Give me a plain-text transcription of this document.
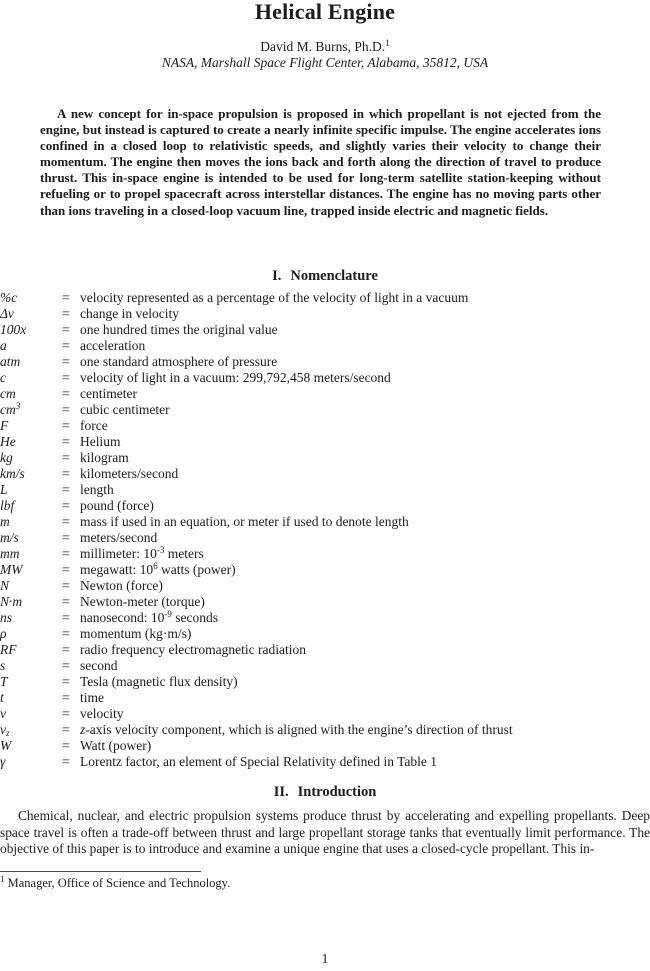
Helical Engine
David M. Burns, Ph.D.$^1$
NASA, Marshall Space Flight Center, Alabama, 35812, USA

A new concept for in-space propulsion is proposed in which propellant is not ejected from the engine, but instead is captured to create a nearly infinite specific impulse. The engine accelerates ions confined in a closed loop to relativistic speeds, and slightly varies their velocity to change their momentum. The engine then moves the ions back and forth along the direction of travel to produce thrust. This in-space engine is intended to be used for long-term satellite station-keeping without refueling or to propel spacecraft across interstellar distances. The engine has no moving parts other than ions traveling in a closed-loop vacuum line, trapped inside electric and magnetic fields.

I. Nomenclature
%c	= velocity represented as a percentage of the velocity of light in a vacuum
Δv	= change in velocity
100x	= one hundred times the original value
a	= acceleration
atm	= one standard atmosphere of pressure
c	= velocity of light in a vacuum: 299,792,458 meters/second
cm	= centimeter
$cm^3$	= cubic centimeter
F	= force
He	= Helium
kg	= kilogram
km/s	= kilometers/second
L	= length
lbf	= pound (force)
m	= mass if used in an equation, or meter if used to denote length
m/s	= meters/second
mm	= millimeter: $10^{-3}$ meters
MW	= megawatt: $10^6$ watts (power)
N	= Newton (force)
N·m	= Newton-meter (torque)
ns	= nanosecond: $10^{-9}$ seconds
ρ	= momentum (kg·m/s)
RF	= radio frequency electromagnetic radiation
s	= second
T	= Tesla (magnetic flux density)
t	= time
v	= velocity
$v_z$	= z-axis velocity component, which is aligned with the engine’s direction of thrust
W	= Watt (power)
γ	= Lorentz factor, an element of Special Relativity defined in Table 1
II. Introduction

Chemical, nuclear, and electric propulsion systems produce thrust by accelerating and expelling propellants. Deep space travel is often a trade-off between thrust and large propellant storage tanks that eventually limit performance. The objective of this paper is to introduce and examine a unique engine that uses a closed-cycle propellant. This in-

$^1$ Manager, Office of Science and Technology.
1
